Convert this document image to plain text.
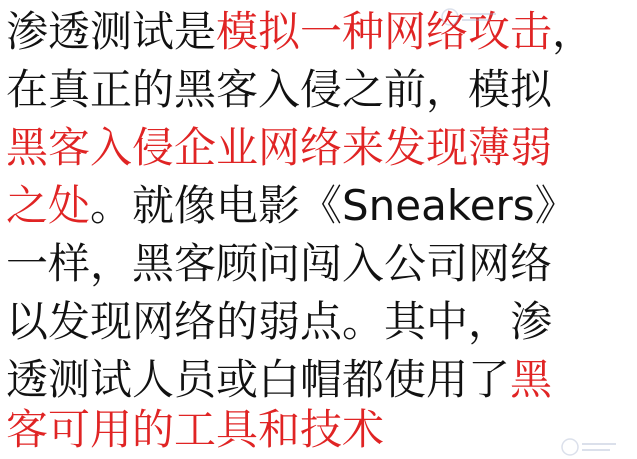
渗透测试是模拟一种网络攻击，
在真正的黑客入侵之前，模拟
黑客入侵企业网络来发现薄弱
之处。就像电影《Sneakers》
一样，黑客顾问闯入公司网络
以发现网络的弱点。其中，渗
透测试人员或白帽都使用了黑
客可用的工具和技术
